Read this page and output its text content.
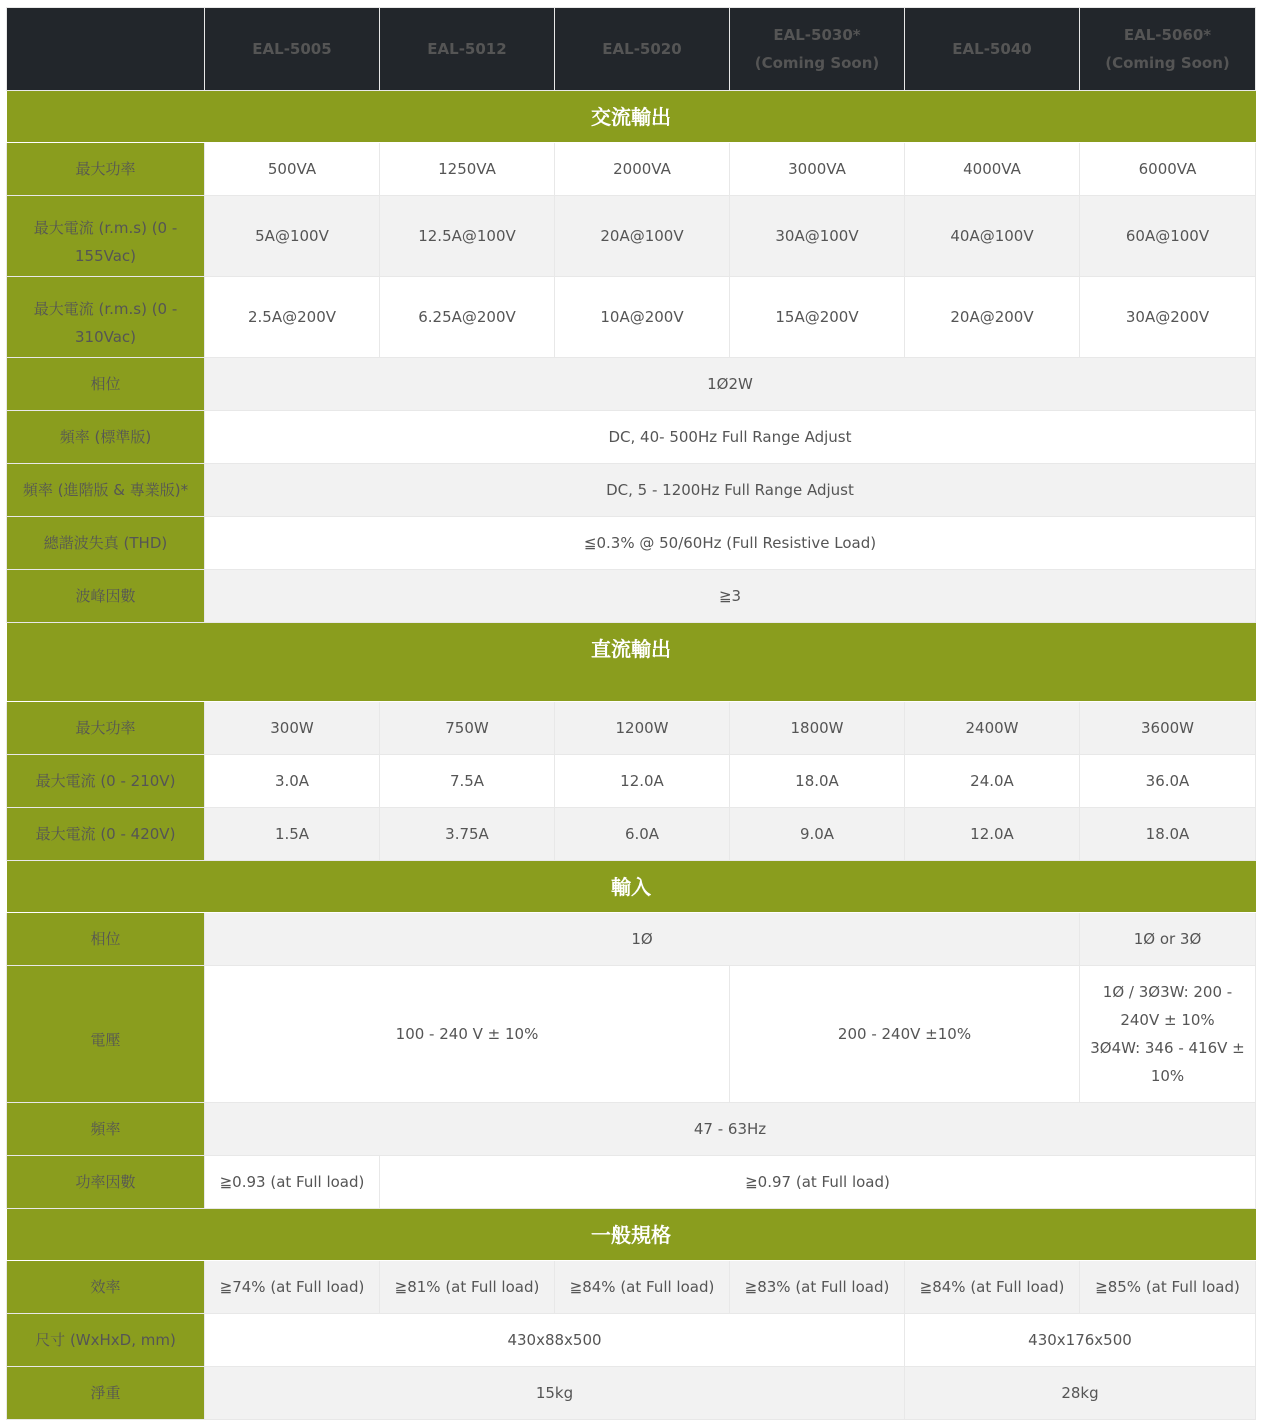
	EAL-5005	EAL-5012	EAL-5020	EAL-5030* (Coming Soon)	EAL-5040	EAL-5060* (Coming Soon)

交流輸出						
最大功率	500VA	1250VA	2000VA	3000VA	4000VA	6000VA
最大電流 (r.m.s) (0 - 155Vac)	5A@100V	12.5A@100V	20A@100V	30A@100V	40A@100V	60A@100V
最大電流 (r.m.s) (0 - 310Vac)	2.5A@200V	6.25A@200V	10A@200V	15A@200V	20A@200V	30A@200V
相位	1Ø2W					
頻率 (標準版)	DC, 40- 500Hz Full Range Adjust					
頻率 (進階版 & 專業版)*	DC, 5 - 1200Hz Full Range Adjust					
總諧波失真 (THD)	≦0.3% @ 50/60Hz (Full Resistive Load)					
波峰因數	≧3					
直流輸出						
最大功率	300W	750W	1200W	1800W	2400W	3600W
最大電流 (0 - 210V)	3.0A	7.5A	12.0A	18.0A	24.0A	36.0A
最大電流 (0 - 420V)	1.5A	3.75A	6.0A	9.0A	12.0A	18.0A
輸入						
相位	1Ø					1Ø or 3Ø
電壓	100 - 240 V ± 10%			200 - 240V ±10%		1Ø / 3Ø3W: 200 -
240V ± 10%
3Ø4W: 346 - 416V ±
10%

頻率	47 - 63Hz					
功率因數	≧0.93 (at Full load)	≧0.97 (at Full load)				
一般規格						
效率	≧74% (at Full load)	≧81% (at Full load)	≧84% (at Full load)	≧83% (at Full load)	≧84% (at Full load)	≧85% (at Full load)
尺寸 (WxHxD, mm)	430x88x500				430x176x500	
淨重	15kg				28kg	
